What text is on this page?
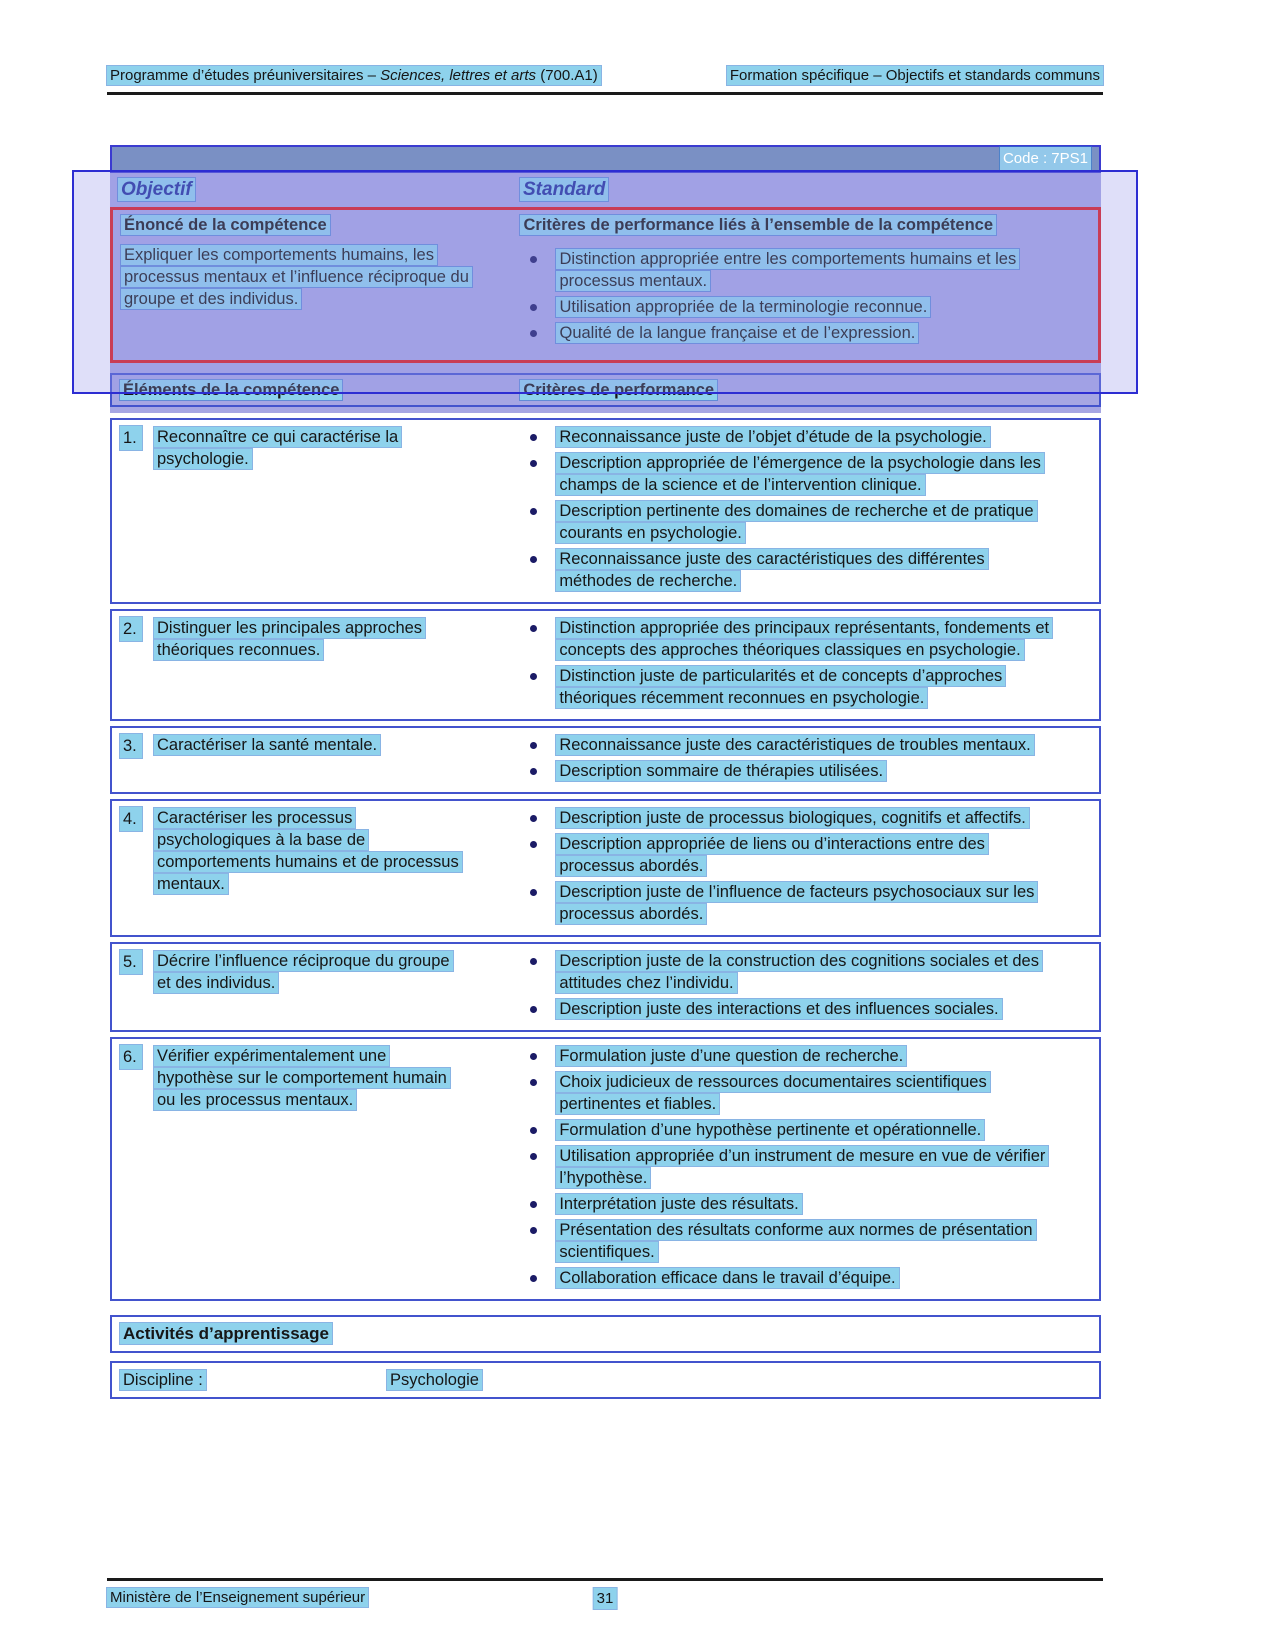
Programme d’études préuniversitaires – Sciences, lettres et arts (700.A1)	Formation spécifique – Objectifs et standards communs
Code : 7PS1
Objectif	Standard
Énoncé de la compétence	Critères de performance liés à l’ensemble de la compétence
Expliquer les comportements humains, les processus mentaux et l’influence réciproque du groupe et des individus.
Distinction appropriée entre les comportements humains et les processus mentaux.
Utilisation appropriée de la terminologie reconnue.
Qualité de la langue française et de l’expression.
Éléments de la compétence	Critères de performance
1.	Reconnaître ce qui caractérise la psychologie.
Reconnaissance juste de l’objet d’étude de la psychologie.
Description appropriée de l’émergence de la psychologie dans les champs de la science et de l’intervention clinique.
Description pertinente des domaines de recherche et de pratique courants en psychologie.
Reconnaissance juste des caractéristiques des différentes méthodes de recherche.
2.	Distinguer les principales approches théoriques reconnues.
Distinction appropriée des principaux représentants, fondements et concepts des approches théoriques classiques en psychologie.
Distinction juste de particularités et de concepts d’approches théoriques récemment reconnues en psychologie.
3.	Caractériser la santé mentale.	Reconnaissance juste des caractéristiques de troubles mentaux.
Description sommaire de thérapies utilisées.
4.	Caractériser les processus psychologiques à la base de comportements humains et de processus mentaux.
Description juste de processus biologiques, cognitifs et affectifs.
Description appropriée de liens ou d’interactions entre des processus abordés.
Description juste de l’influence de facteurs psychosociaux sur les processus abordés.
5.	Décrire l’influence réciproque du groupe et des individus.
Description juste de la construction des cognitions sociales et des attitudes chez l’individu.
Description juste des interactions et des influences sociales.
6.	Vérifier expérimentalement une hypothèse sur le comportement humain ou les processus mentaux.
Formulation juste d’une question de recherche.
Choix judicieux de ressources documentaires scientifiques pertinentes et fiables.
Formulation d’une hypothèse pertinente et opérationnelle.
Utilisation appropriée d’un instrument de mesure en vue de vérifier l’hypothèse.
Interprétation juste des résultats.
Présentation des résultats conforme aux normes de présentation scientifiques.
Collaboration efficace dans le travail d’équipe.
Activités d’apprentissage
Discipline :	Psychologie
Ministère de l’Enseignement supérieur	31
